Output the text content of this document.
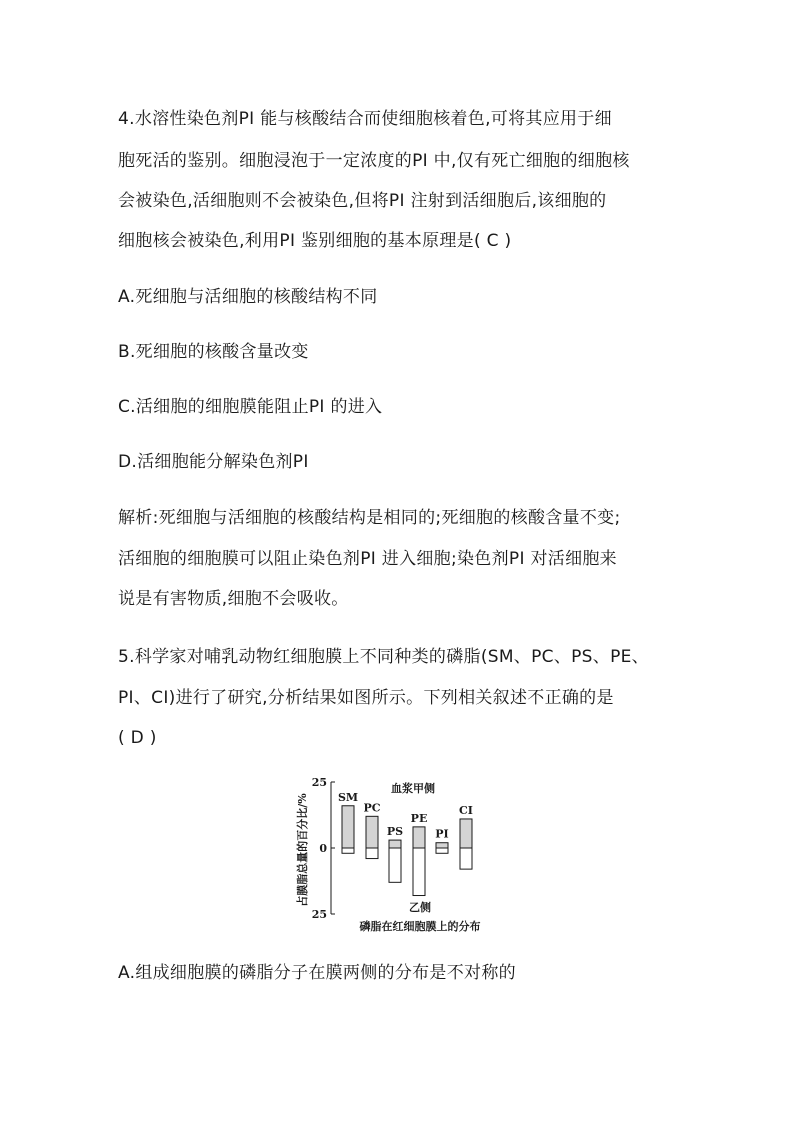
4.水溶性染色剂PI 能与核酸结合而使细胞核着色,可将其应用于细
胞死活的鉴别。细胞浸泡于一定浓度的PI 中,仅有死亡细胞的细胞核
会被染色,活细胞则不会被染色,但将PI 注射到活细胞后,该细胞的
细胞核会被染色,利用PI 鉴别细胞的基本原理是( C )
A.死细胞与活细胞的核酸结构不同
B.死细胞的核酸含量改变
C.活细胞的细胞膜能阻止PI 的进入
D.活细胞能分解染色剂PI
解析:死细胞与活细胞的核酸结构是相同的;死细胞的核酸含量不变;
活细胞的细胞膜可以阻止染色剂PI 进入细胞;染色剂PI 对活细胞来
说是有害物质,细胞不会吸收。
5.科学家对哺乳动物红细胞膜上不同种类的磷脂(SM、PC、PS、PE、
PI、CI)进行了研究,分析结果如图所示。下列相关叙述不正确的是
( D )
占膜脂总量的百分比/%
血浆甲侧
乙侧
磷脂在红细胞膜上的分布
25
0
25
SM
PC
PS
PE
PI
CI
A.组成细胞膜的磷脂分子在膜两侧的分布是不对称的
